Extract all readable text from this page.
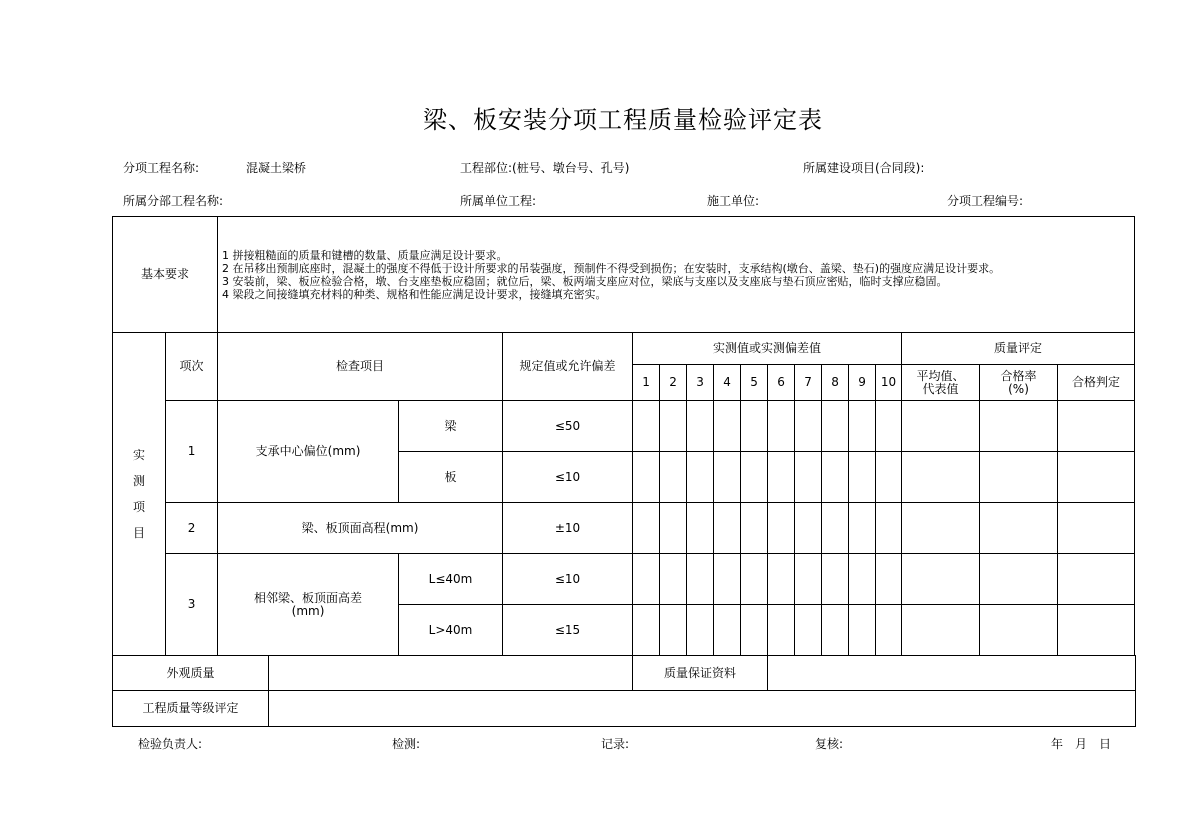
梁、板安装分项工程质量检验评定表
分项工程名称:	混凝土梁桥	工程部位:(桩号、墩台号、孔号)	所属建设项目(合同段):
所属分部工程名称:	所属单位工程:	施工单位:	分项工程编号:
基本要求		1 拼接粗糙面的质量和键槽的数量、质量应满足设计要求。
2 在吊移出预制底座时，混凝土的强度不得低于设计所要求的吊装强度，预制件不得受到损伤；在安装时，支承结构(墩台、盖梁、垫石)的强度应满足设计要求。
3 安装前，梁、板应检验合格，墩、台支座垫板应稳固；就位后，梁、板两端支座应对位，梁底与支座以及支座底与垫石顶应密贴，临时支撑应稳固。
4 梁段之间接缝填充材料的种类、规格和性能应满足设计要求，接缝填充密实。															

实测项目	项次	检查项目		规定值或允许偏差	实测值或实测偏差值										质量评定		
					1	2	3	4	5	6	7	8	9	10	平均值、代表值	合格率(%)	合格判定
	1	支承中心偏位(mm)	梁	≤50													
			板	≤10													
	2	梁、板顶面高程(mm)		±10													
	3	相邻梁、板顶面高差(mm)	L≤40m	≤10													
			L>40m	≤15													
外观质量		质量保证资料	
工程质量等级评定			
检验负责人:	检测:	记录:	复核:	年　月　日
